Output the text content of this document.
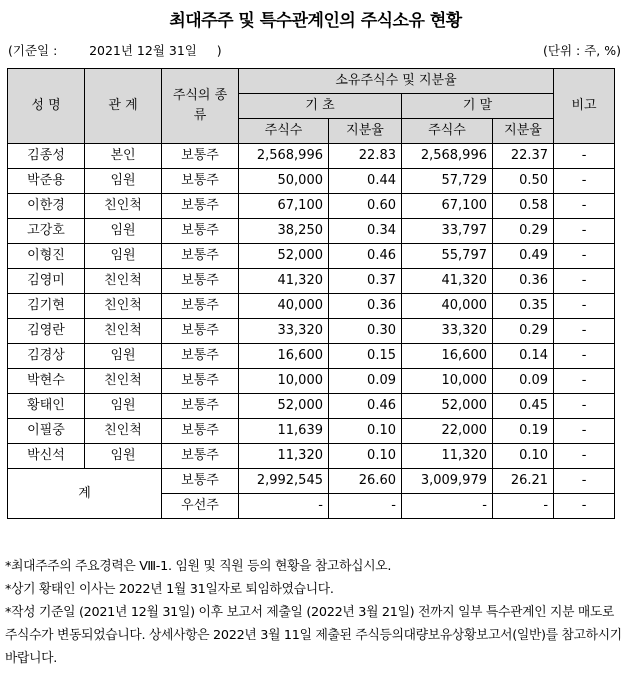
최대주주 및 특수관계인의 주식소유 현황
(기준일 :        2021년 12월 31일     )	(단위 : 주, %)
성 명	관 계	주식의 종류	소유주식수 및 지분율				비고
			기 초		기 말		
			주식수	지분율	주식수	지분율	
김종성	본인	보통주	2,568,996	22.83	2,568,996	22.37	-
박준용	임원	보통주	50,000	0.44	57,729	0.50	-
이한경	친인척	보통주	67,100	0.60	67,100	0.58	-
고강호	임원	보통주	38,250	0.34	33,797	0.29	-
이형진	임원	보통주	52,000	0.46	55,797	0.49	-
김영미	친인척	보통주	41,320	0.37	41,320	0.36	-
김기현	친인척	보통주	40,000	0.36	40,000	0.35	-
김영란	친인척	보통주	33,320	0.30	33,320	0.29	-
김경상	임원	보통주	16,600	0.15	16,600	0.14	-
박현수	친인척	보통주	10,000	0.09	10,000	0.09	-
황태인	임원	보통주	52,000	0.46	52,000	0.45	-
이필중	친인척	보통주	11,639	0.10	22,000	0.19	-
박신석	임원	보통주	11,320	0.10	11,320	0.10	-
계		보통주	2,992,545	26.60	3,009,979	26.21	-
		우선주	-	-	-	-	-

*최대주주의 주요경력은 Ⅷ-1. 임원 및 직원 등의 현황을 참고하십시오.

*상기 황태인 이사는 2022년 1월 31일자로 퇴임하였습니다.

*작성 기준일 (2021년 12월 31일) 이후 보고서 제출일 (2022년 3월 21일) 전까지 일부 특수관계인 지분 매도로 주식수가 변동되었습니다. 상세사항은 2022년 3월 11일 제출된 주식등의대량보유상황보고서(일반)를 참고하시기 바랍니다.
